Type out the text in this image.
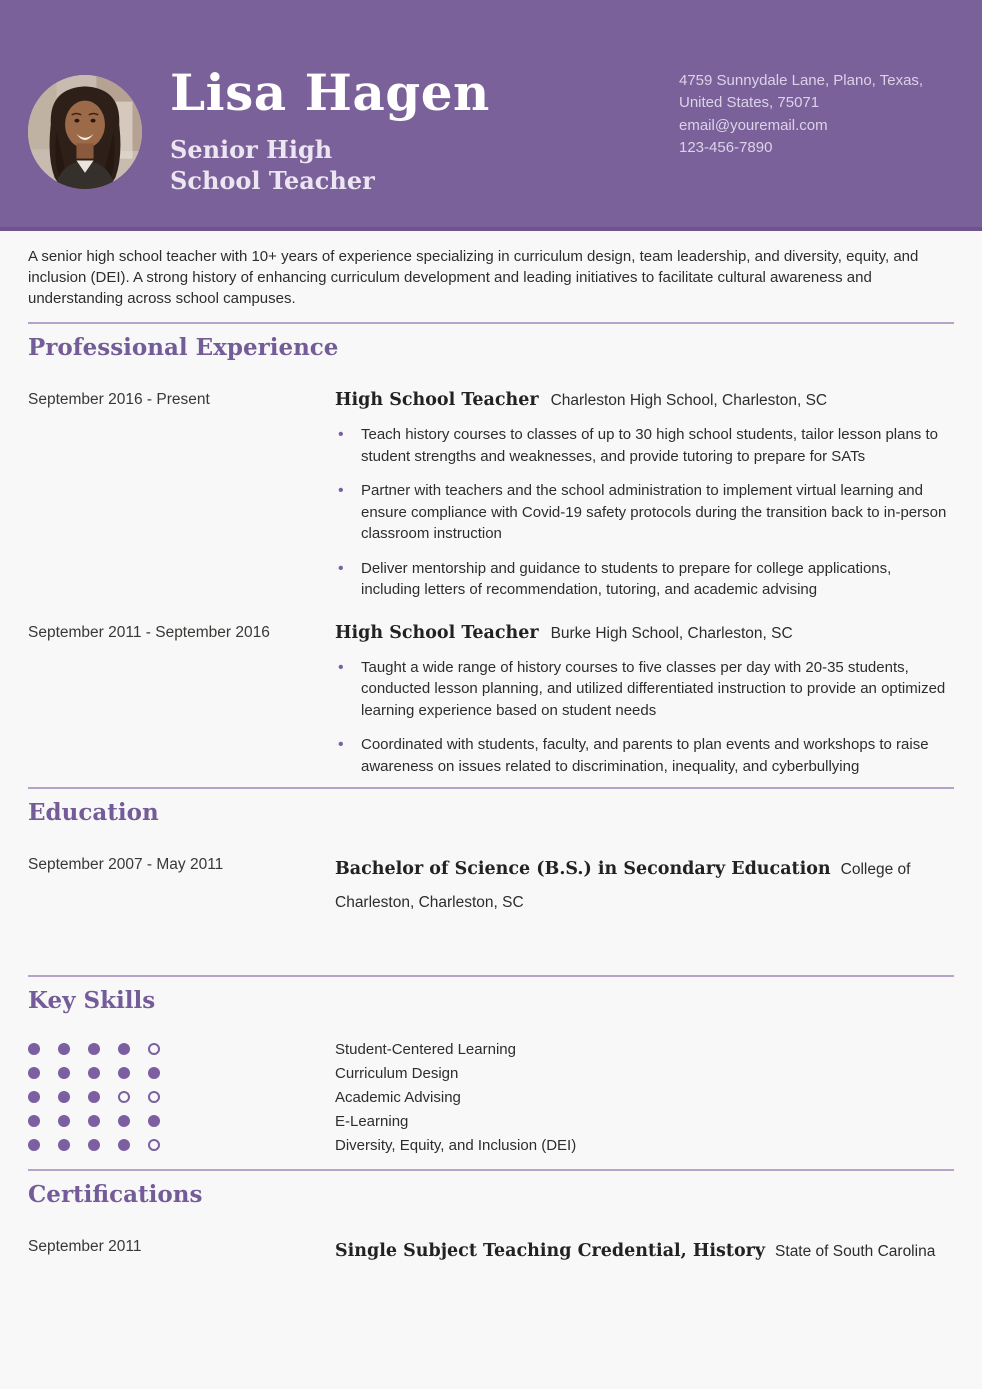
Lisa Hagen
Senior High School Teacher
4759 Sunnydale Lane, Plano, Texas,
United States, 75071
email@youremail.com
123-456-7890

A senior high school teacher with 10+ years of experience specializing in curriculum design, team leadership, and diversity, equity, and inclusion (DEI). A strong history of enhancing curriculum development and leading initiatives to facilitate cultural awareness and understanding across school campuses.

Professional Experience
September 2016 - Present	High School Teacher Charleston High School, Charleston, SC

• Teach history courses to classes of up to 30 high school students, tailor lesson plans to student strengths and weaknesses, and provide tutoring to prepare for SATs
• Partner with teachers and the school administration to implement virtual learning and ensure compliance with Covid-19 safety protocols during the transition back to in-person classroom instruction
• Deliver mentorship and guidance to students to prepare for college applications, including letters of recommendation, tutoring, and academic advising
September 2011 - September 2016	High School Teacher Burke High School, Charleston, SC

• Taught a wide range of history courses to five classes per day with 20-35 students, conducted lesson planning, and utilized differentiated instruction to provide an optimized learning experience based on student needs
• Coordinated with students, faculty, and parents to plan events and workshops to raise awareness on issues related to discrimination, inequality, and cyberbullying
Education
September 2007 - May 2011	Bachelor of Science (B.S.) in Secondary Education College of Charleston, Charleston, SC

Key Skills
Student-Centered Learning
Curriculum Design
Academic Advising
E-Learning
Diversity, Equity, and Inclusion (DEI)
Certifications
September 2011	Single Subject Teaching Credential, History State of South Carolina
